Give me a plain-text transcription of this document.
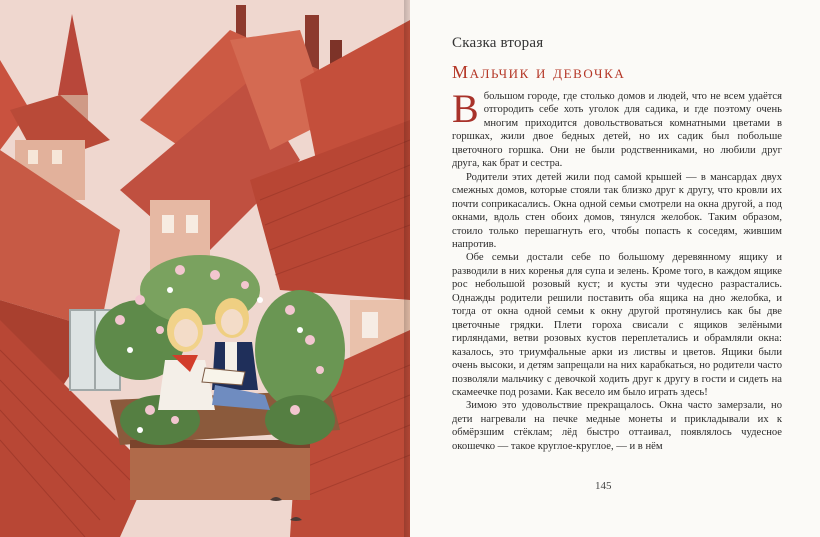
Сказка вторая
Мальчик и девочка

Вбольшом городе, где столько домов и людей, что не всем удаётся отгородить себе хоть уголок для садика, и где поэтому очень многим приходится довольствоваться комнатными цветами в горшках, жили двое бедных детей, но их садик был побольше цветочного горшка. Они не были родственниками, но любили друг друга, как брат и сестра.

Родители этих детей жили под самой крышей — в мансардах двух смежных домов, которые стояли так близко друг к другу, что кровли их почти соприкасались. Окна одной семьи смотрели на окна другой, а под окнами, вдоль стен обоих домов, тянулся желобок. Таким образом, стоило только перешагнуть его, чтобы попасть к соседям, жившим напротив.

Обе семьи достали себе по большому деревянному ящику и разводили в них коренья для супа и зелень. Кроме того, в каждом ящике рос небольшой розовый куст; и кусты эти чудесно разрастались. Однажды родители решили поставить оба ящика на дно желобка, и тогда от окна одной семьи к окну другой протянулись как бы две цветочные грядки. Плети гороха свисали с ящиков зелёными гирляндами, ветви розовых кустов переплетались и обрамляли окна: казалось, это триумфальные арки из листвы и цветов. Ящики были очень высоки, и детям запрещали на них карабкаться, но родители часто позволяли мальчику с девочкой ходить друг к другу в гости и сидеть на скамеечке под розами. Как весело им было играть здесь!

Зимою это удовольствие прекращалось. Окна часто замерзали, но дети нагревали на печке медные монеты и прикладывали их к обмёрзшим стёклам; лёд быстро оттаивал, появлялось чудесное окошечко — такое круглое-круглое, — и в нём

145
